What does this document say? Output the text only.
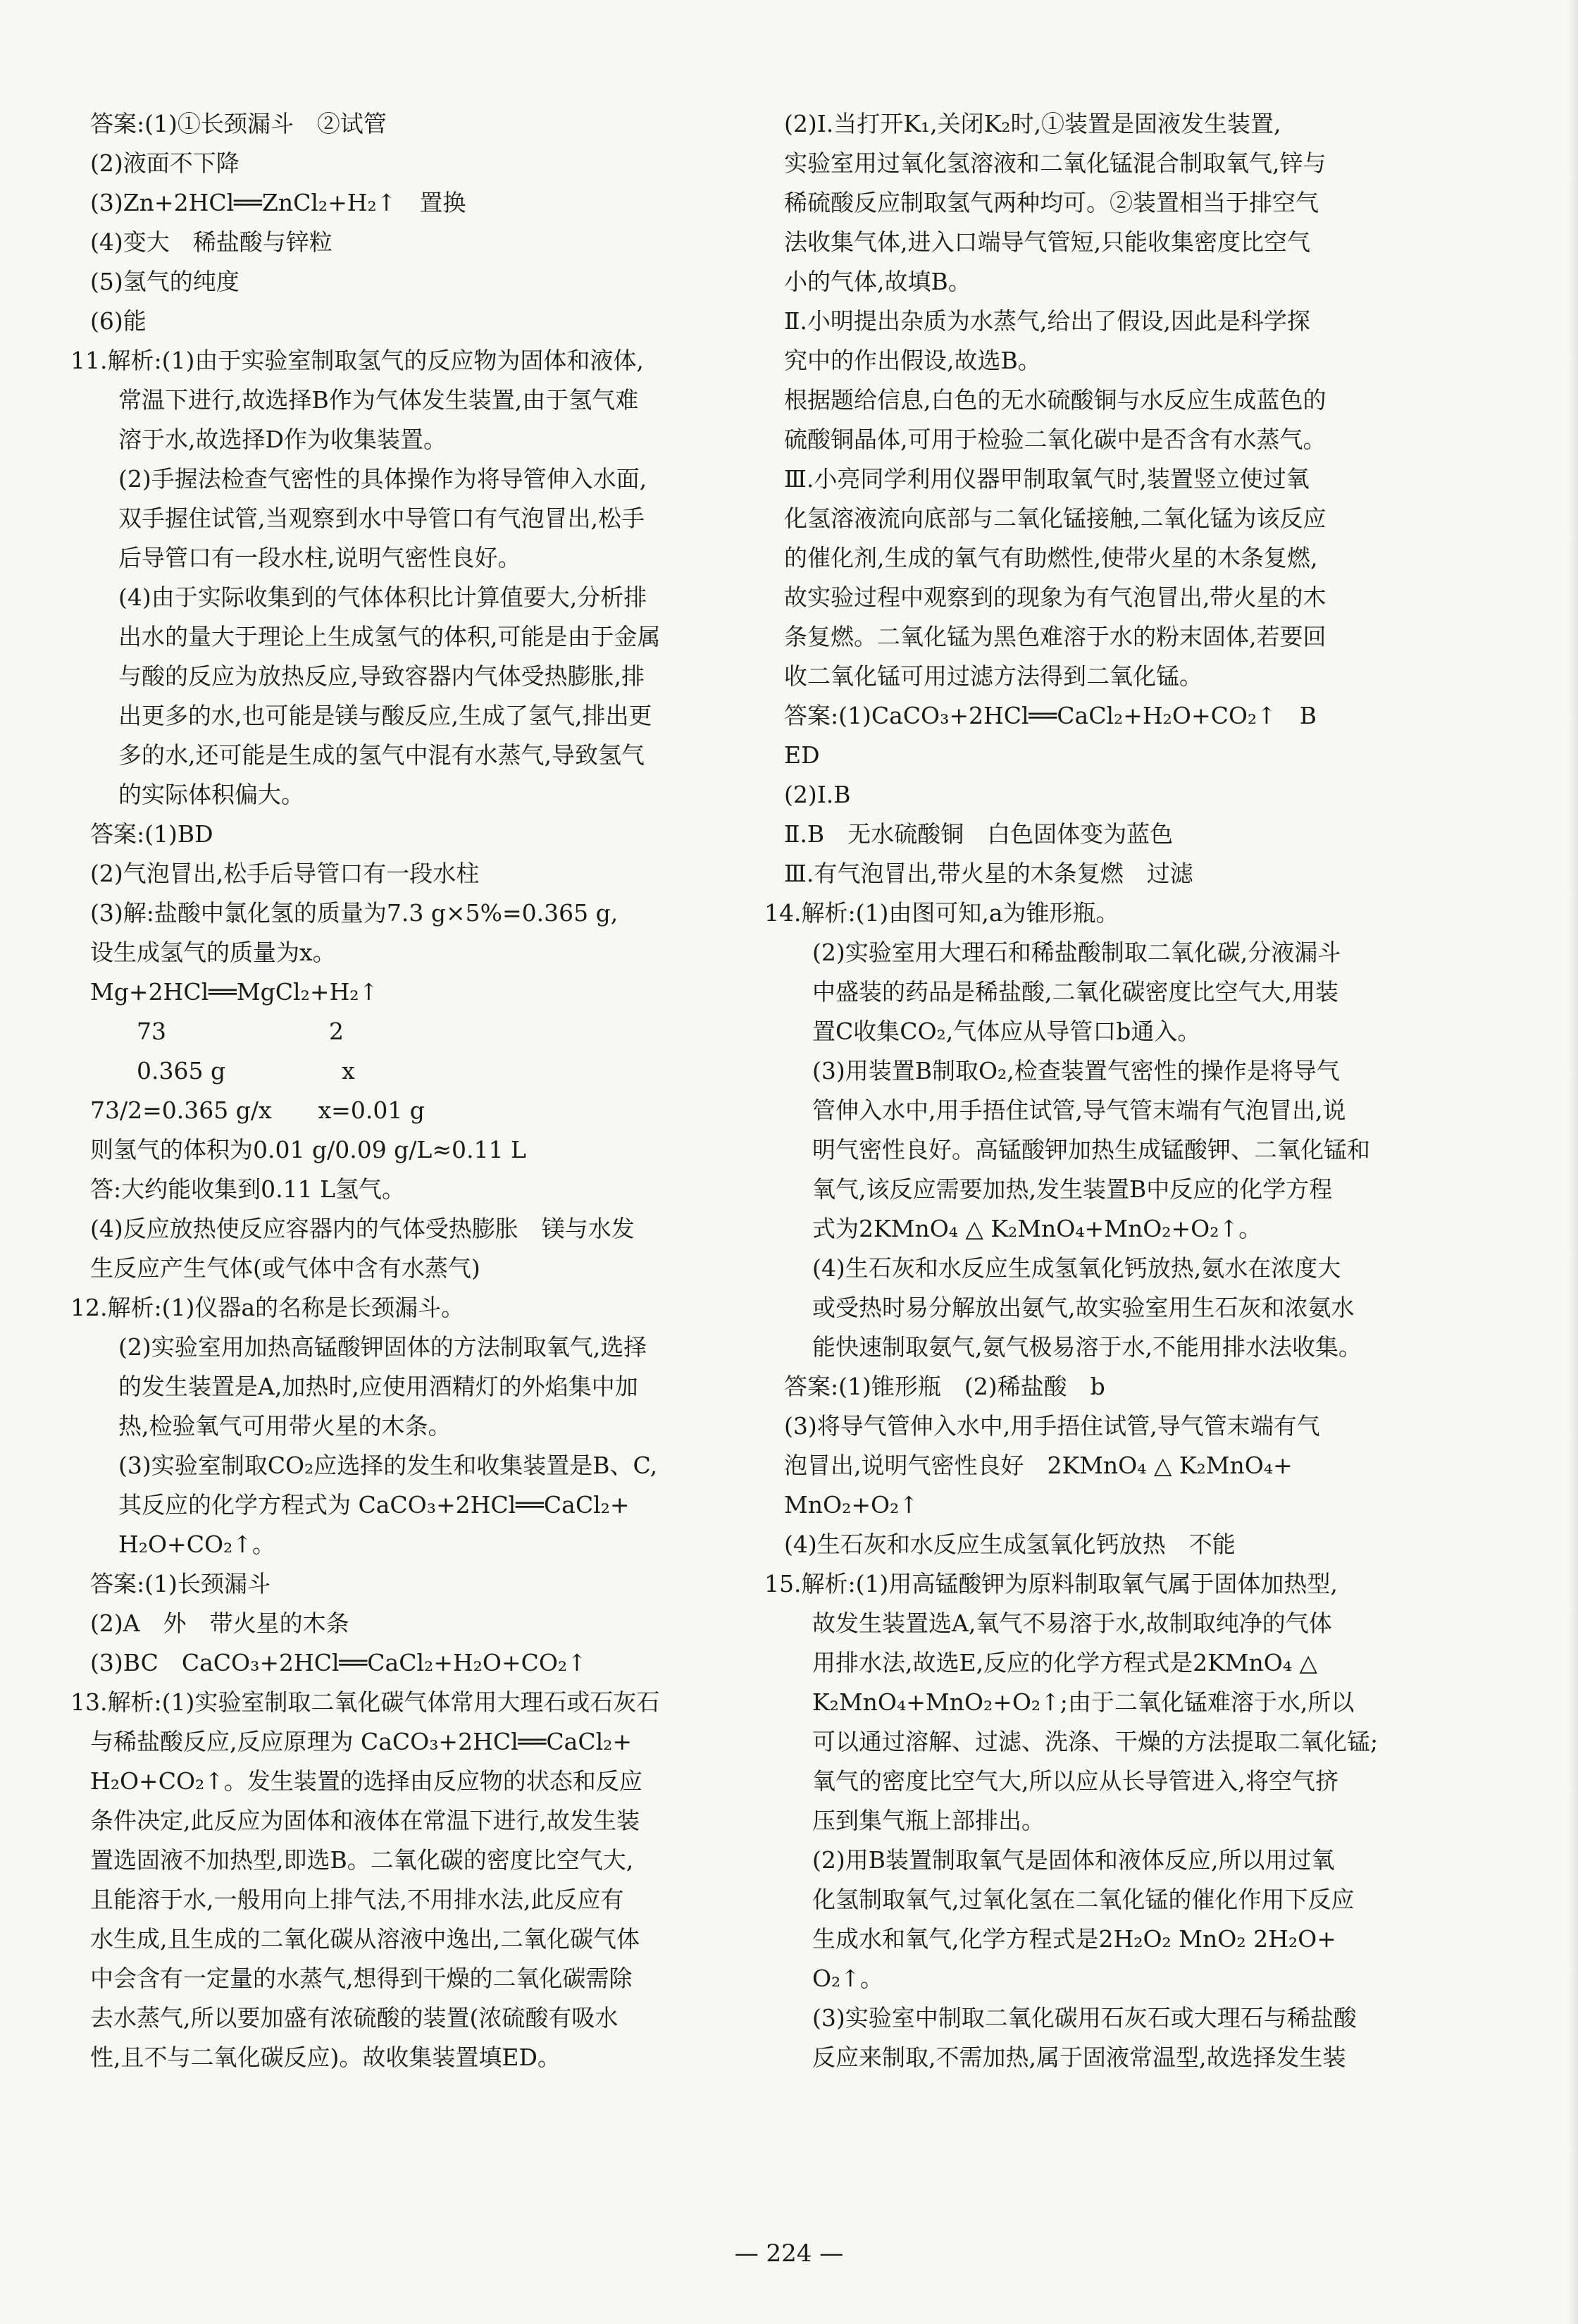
答案:(1)①长颈漏斗　②试管
(2)液面不下降
(3)Zn+2HCl══ZnCl₂+H₂↑　置换
(4)变大　稀盐酸与锌粒
(5)氢气的纯度
(6)能
11.解析:(1)由于实验室制取氢气的反应物为固体和液体,
常温下进行,故选择B作为气体发生装置,由于氢气难
溶于水,故选择D作为收集装置。
(2)手握法检查气密性的具体操作为将导管伸入水面,
双手握住试管,当观察到水中导管口有气泡冒出,松手
后导管口有一段水柱,说明气密性良好。
(4)由于实际收集到的气体体积比计算值要大,分析排
出水的量大于理论上生成氢气的体积,可能是由于金属
与酸的反应为放热反应,导致容器内气体受热膨胀,排
出更多的水,也可能是镁与酸反应,生成了氢气,排出更
多的水,还可能是生成的氢气中混有水蒸气,导致氢气
的实际体积偏大。
答案:(1)BD
(2)气泡冒出,松手后导管口有一段水柱
(3)解:盐酸中氯化氢的质量为7.3 g×5%=0.365 g,
设生成氢气的质量为x。
Mg+2HCl══MgCl₂+H₂↑
　　73　　　　　　　2
　　0.365 g　　　　　x
73/2=0.365 g/x　　x=0.01 g
则氢气的体积为0.01 g/0.09 g/L≈0.11 L
答:大约能收集到0.11 L氢气。
(4)反应放热使反应容器内的气体受热膨胀　镁与水发
生反应产生气体(或气体中含有水蒸气)
12.解析:(1)仪器a的名称是长颈漏斗。
(2)实验室用加热高锰酸钾固体的方法制取氧气,选择
的发生装置是A,加热时,应使用酒精灯的外焰集中加
热,检验氧气可用带火星的木条。
(3)实验室制取CO₂应选择的发生和收集装置是B、C,
其反应的化学方程式为 CaCO₃+2HCl══CaCl₂+
H₂O+CO₂↑。
答案:(1)长颈漏斗
(2)A　外　带火星的木条
(3)BC　CaCO₃+2HCl══CaCl₂+H₂O+CO₂↑
13.解析:(1)实验室制取二氧化碳气体常用大理石或石灰石
与稀盐酸反应,反应原理为 CaCO₃+2HCl══CaCl₂+
H₂O+CO₂↑。发生装置的选择由反应物的状态和反应
条件决定,此反应为固体和液体在常温下进行,故发生装
置选固液不加热型,即选B。二氧化碳的密度比空气大,
且能溶于水,一般用向上排气法,不用排水法,此反应有
水生成,且生成的二氧化碳从溶液中逸出,二氧化碳气体
中会含有一定量的水蒸气,想得到干燥的二氧化碳需除
去水蒸气,所以要加盛有浓硫酸的装置(浓硫酸有吸水
性,且不与二氧化碳反应)。故收集装置填ED。
(2)Ⅰ.当打开K₁,关闭K₂时,①装置是固液发生装置,
实验室用过氧化氢溶液和二氧化锰混合制取氧气,锌与
稀硫酸反应制取氢气两种均可。②装置相当于排空气
法收集气体,进入口端导气管短,只能收集密度比空气
小的气体,故填B。
Ⅱ.小明提出杂质为水蒸气,给出了假设,因此是科学探
究中的作出假设,故选B。
根据题给信息,白色的无水硫酸铜与水反应生成蓝色的
硫酸铜晶体,可用于检验二氧化碳中是否含有水蒸气。
Ⅲ.小亮同学利用仪器甲制取氧气时,装置竖立使过氧
化氢溶液流向底部与二氧化锰接触,二氧化锰为该反应
的催化剂,生成的氧气有助燃性,使带火星的木条复燃,
故实验过程中观察到的现象为有气泡冒出,带火星的木
条复燃。二氧化锰为黑色难溶于水的粉末固体,若要回
收二氧化锰可用过滤方法得到二氧化锰。
答案:(1)CaCO₃+2HCl══CaCl₂+H₂O+CO₂↑　B
ED
(2)Ⅰ.B
Ⅱ.B　无水硫酸铜　白色固体变为蓝色
Ⅲ.有气泡冒出,带火星的木条复燃　过滤
14.解析:(1)由图可知,a为锥形瓶。
(2)实验室用大理石和稀盐酸制取二氧化碳,分液漏斗
中盛装的药品是稀盐酸,二氧化碳密度比空气大,用装
置C收集CO₂,气体应从导管口b通入。
(3)用装置B制取O₂,检查装置气密性的操作是将导气
管伸入水中,用手捂住试管,导气管末端有气泡冒出,说
明气密性良好。高锰酸钾加热生成锰酸钾、二氧化锰和
氧气,该反应需要加热,发生装置B中反应的化学方程
式为2KMnO₄ △ K₂MnO₄+MnO₂+O₂↑。
(4)生石灰和水反应生成氢氧化钙放热,氨水在浓度大
或受热时易分解放出氨气,故实验室用生石灰和浓氨水
能快速制取氨气,氨气极易溶于水,不能用排水法收集。
答案:(1)锥形瓶　(2)稀盐酸　b
(3)将导气管伸入水中,用手捂住试管,导气管末端有气
泡冒出,说明气密性良好　2KMnO₄ △ K₂MnO₄+
MnO₂+O₂↑
(4)生石灰和水反应生成氢氧化钙放热　不能
15.解析:(1)用高锰酸钾为原料制取氧气属于固体加热型,
故发生装置选A,氧气不易溶于水,故制取纯净的气体
用排水法,故选E,反应的化学方程式是2KMnO₄ △
K₂MnO₄+MnO₂+O₂↑;由于二氧化锰难溶于水,所以
可以通过溶解、过滤、洗涤、干燥的方法提取二氧化锰;
氧气的密度比空气大,所以应从长导管进入,将空气挤
压到集气瓶上部排出。
(2)用B装置制取氧气是固体和液体反应,所以用过氧
化氢制取氧气,过氧化氢在二氧化锰的催化作用下反应
生成水和氧气,化学方程式是2H₂O₂ MnO₂ 2H₂O+
O₂↑。
(3)实验室中制取二氧化碳用石灰石或大理石与稀盐酸
反应来制取,不需加热,属于固液常温型,故选择发生装
— 224 —
